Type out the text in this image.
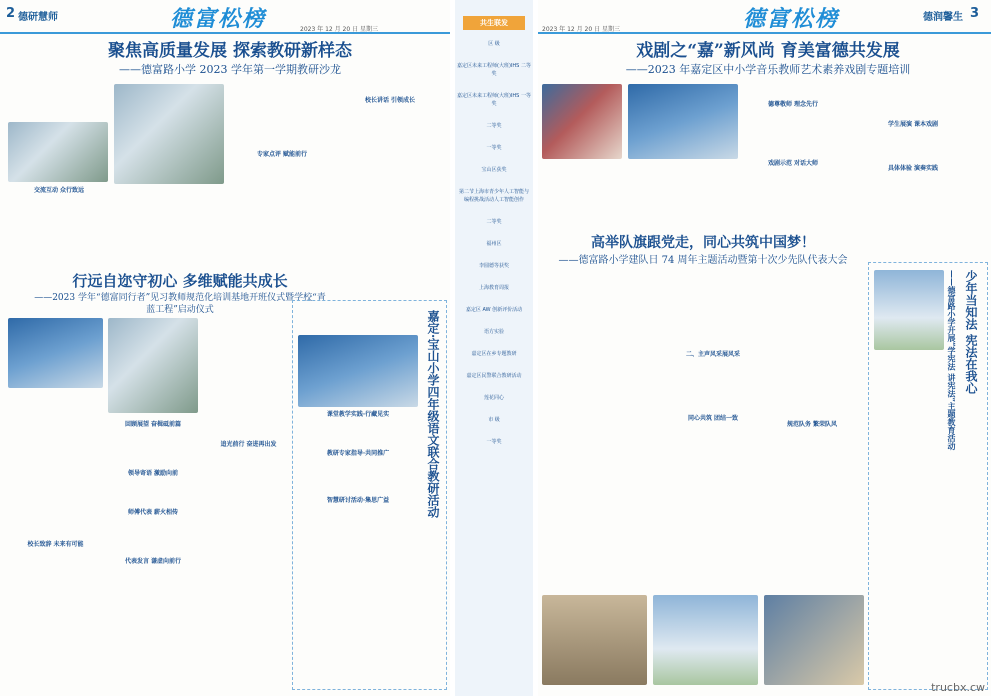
2 德研慧师	德富松榜	2023 年 12 月 20 日 星期三
聚焦高质量发展 探索教研新样态
——德富路小学 2023 学年第一学期教研沙龙
交流互动 众行致远
专家点评 赋能前行
校长讲话 引领成长
行远自迩守初心 多维赋能共成长
——2023 学年“德富同行者”见习教师规范化培训基地开班仪式暨学校“青蓝工程”启动仪式
校长致辞 未来有可能
回顾展望 奋楫砥前篇
领导寄语 激励向前
师傅代表 薪火相传
代表发言 谦虚向前行
追光前行 奋进再出发	嘉定·宝山小学四年级语文联合教研活动
课堂教学实践·行藏见实
教研专家指导·共同推广
智慧研讨活动·集思广益
共生联发
区 级
嘉定区未来工程师(大班)IHS 二等奖
嘉定区未来工程师(大班)IHS 一等奖
二等奖
一等奖
宝山区获奖
第二节上海市青少年人工智能与编程挑战活动人工智能创作
二等奖
福州区
李圆德等获奖
上海教育周报
嘉定区 AW 创新评价活动
语方实验
嘉定区在乡专题教研
嘉定区民警联合教研活动
莲花同心
市 级
一等奖
2023 年 12 月 20 日 星期三	德富松榜	德润馨生 3
戏剧之“嘉”新风尚 育美富德共发展
——2023 年嘉定区中小学音乐教师艺术素养戏剧专题培训
德尊敬师 理念先行
戏剧示范 对话大师
学生展演 课本戏剧
具体体验 演奏实践
高举队旗跟党走，同心共筑中国梦！
——德富路小学建队日 74 周年主题活动暨第十次少先队代表大会
二、主声风采展风采
同心共筑 团结一致
规范队务 繁荣队风
少年当知法 宪法在我心
——德富路小学开展“学宪法 讲宪法”主题教育活动
trucbx.cw
